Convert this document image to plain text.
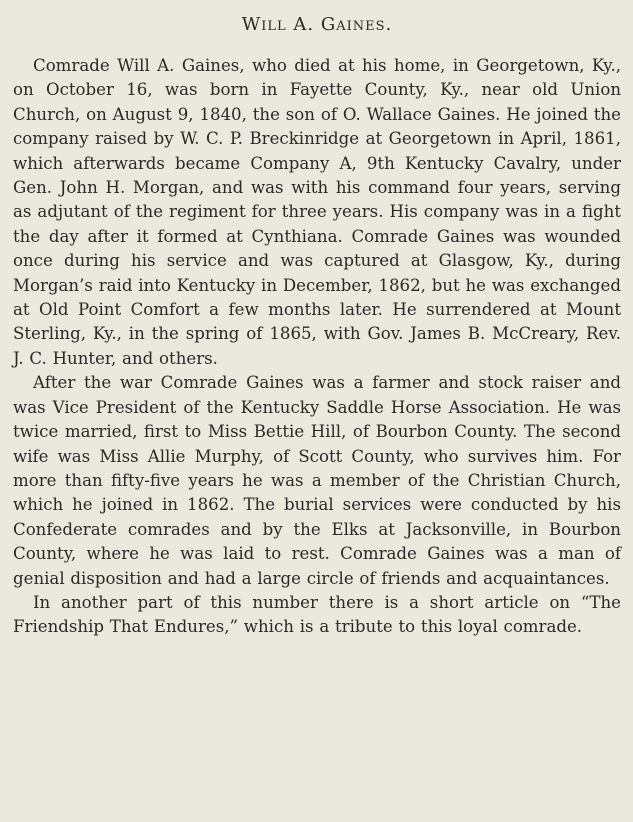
Will A. Gaines.

Comrade Will A. Gaines, who died at his home, in Georgetown, Ky., on October 16, was born in Fayette County, Ky., near old Union Church, on August 9, 1840, the son of O. Wallace Gaines. He joined the company raised by W. C. P. Breckinridge at Georgetown in April, 1861, which afterwards became Company A, 9th Kentucky Cavalry, under Gen. John H. Morgan, and was with his command four years, serving as adjutant of the regiment for three years. His company was in a fight the day after it formed at Cynthiana. Comrade Gaines was wounded once during his service and was captured at Glasgow, Ky., during Morgan’s raid into Kentucky in December, 1862, but he was exchanged at Old Point Comfort a few months later. He surrendered at Mount Sterling, Ky., in the spring of 1865, with Gov. James B. McCreary, Rev. J. C. Hunter, and others.

After the war Comrade Gaines was a farmer and stock raiser and was Vice President of the Kentucky Saddle Horse Association. He was twice married, first to Miss Bettie Hill, of Bourbon County. The second wife was Miss Allie Murphy, of Scott County, who survives him. For more than fifty-five years he was a member of the Christian Church, which he joined in 1862. The burial services were conducted by his Confederate comrades and by the Elks at Jacksonville, in Bourbon County, where he was laid to rest. Comrade Gaines was a man of genial disposition and had a large circle of friends and acquaintances.

In another part of this number there is a short article on “The Friendship That Endures,” which is a tribute to this loyal comrade.
